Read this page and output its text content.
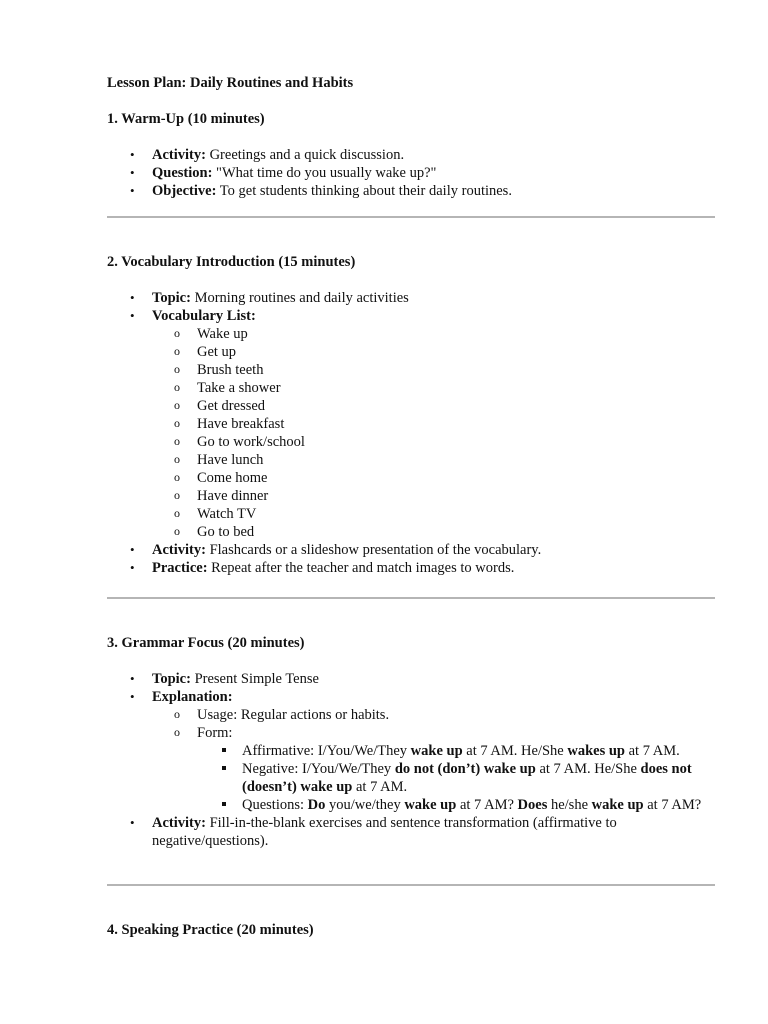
Lesson Plan: Daily Routines and Habits
1. Warm-Up (10 minutes)
• Activity: Greetings and a quick discussion.
• Question: "What time do you usually wake up?"
• Objective: To get students thinking about their daily routines.
2. Vocabulary Introduction (15 minutes)
• Topic: Morning routines and daily activities
• Vocabulary List:
o Wake up
o Get up
o Brush teeth
o Take a shower
o Get dressed
o Have breakfast
o Go to work/school
o Have lunch
o Come home
o Have dinner
o Watch TV
o Go to bed
• Activity: Flashcards or a slideshow presentation of the vocabulary.
• Practice: Repeat after the teacher and match images to words.
3. Grammar Focus (20 minutes)
• Topic: Present Simple Tense
• Explanation:
o Usage: Regular actions or habits.
o Form:
Affirmative: I/You/We/They wake up at 7 AM. He/She wakes up at 7 AM.
Negative: I/You/We/They do not (don’t) wake up at 7 AM. He/She does not (doesn’t) wake up at 7 AM.
Questions: Do you/we/they wake up at 7 AM? Does he/she wake up at 7 AM?
• Activity: Fill-in-the-blank exercises and sentence transformation (affirmative to negative/questions).
4. Speaking Practice (20 minutes)
